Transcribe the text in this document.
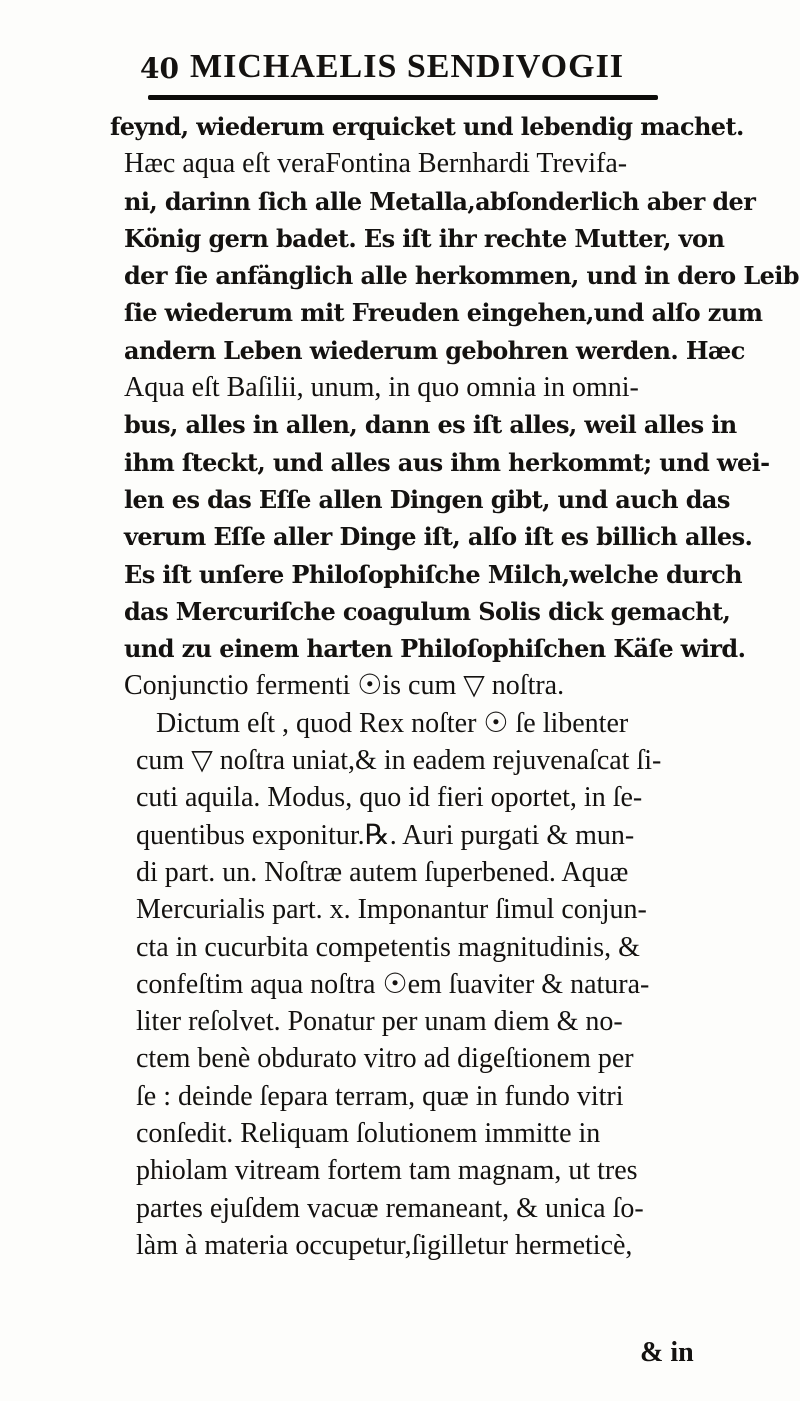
40 MICHAELIS SENDIVOGII
feynd, wiederum erquicket und lebendig machet.
Hæc aqua eſt veraFontina Bernhardi Trevifa-
ni, darinn ſich alle Metalla,abſonderlich aber der
König gern badet. Es iſt ihr rechte Mutter, von
der ſie anfänglich alle herkommen, und in dero Leib
ſie wiederum mit Freuden eingehen,und alſo zum
andern Leben wiederum gebohren werden. Hæc
Aqua eſt Baſilii, unum, in quo omnia in omni-
bus, alles in allen, dann es iſt alles, weil alles in
ihm ſteckt, und alles aus ihm herkommt; und wei-
len es das Eſſe allen Dingen gibt, und auch das
verum Eſſe aller Dinge iſt, alſo iſt es billich alles.
Es iſt unſere Philoſophiſche Milch,welche durch
das Mercuriſche coagulum Solis dick gemacht,
und zu einem harten Philoſophiſchen Käſe wird.
Conjunctio fermenti ☉is cum ▽ noſtra.
Dictum eſt , quod Rex noſter ☉ ſe libenter
cum ▽ noſtra uniat,& in eadem rejuvenaſcat ſi-
cuti aquila. Modus, quo id fieri oportet, in ſe-
quentibus exponitur.℞. Auri purgati & mun-
di part. un. Noſtræ autem ſuperbened. Aquæ
Mercurialis part. x. Imponantur ſimul conjun-
cta in cucurbita competentis magnitudinis, &
confeſtim aqua noſtra ☉em ſuaviter & natura-
liter reſolvet. Ponatur per unam diem & no-
ctem benè obdurato vitro ad digeſtionem per
ſe : deinde ſepara terram, quæ in fundo vitri
conſedit. Reliquam ſolutionem immitte in
phiolam vitream fortem tam magnam, ut tres
partes ejuſdem vacuæ remaneant, & unica ſo-
làm à materia occupetur,ſigilletur hermeticè,
& in
